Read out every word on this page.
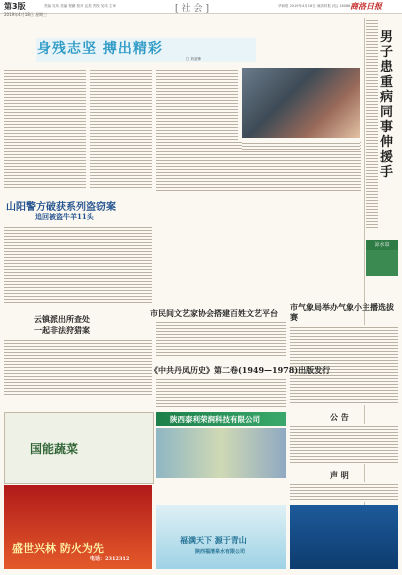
第3版	责编 吴玮 美编 程鹏 校对 孟美 责校 吴玮 主审	[社会]	华商报 2019年4月18日 商洛时报 (电) 18086 商洛日报
2019年4月18日 星期三
身残志坚 搏出精彩
□ 刘亚锋
男子患重病 同事伸援手
凉水泉
市气象局举办气象小主播选拔赛
山阳警方破获系列盗窃案
追回被盗牛羊11头
云镇派出所查处
一起非法狩猎案
市民间文艺家协会搭建百姓文艺平台
《中共丹凤历史》第二卷(1949—1978)出版发行
公 告
声 明
国能蔬菜
盛世兴林 防火为先
电话：2312312
陕西泰利荣润科技有限公司
福满天下 源于青山
陕西福清泉水有限公司
